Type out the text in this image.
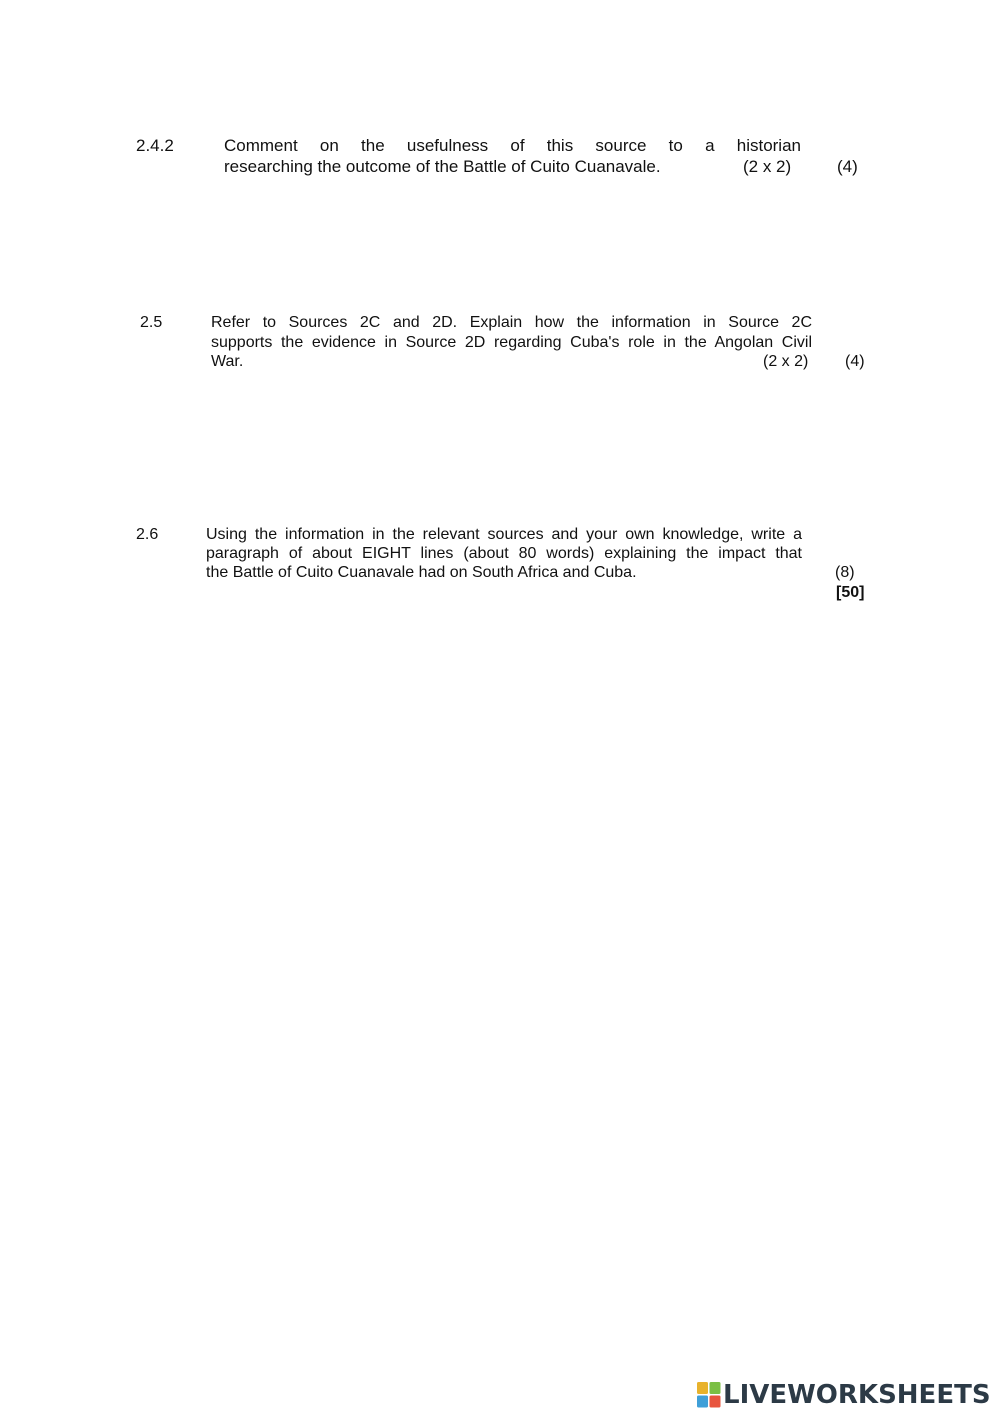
2.4.2	Comment on the usefulness of this source to a historian
researching the outcome of the Battle of Cuito Cuanavale.	(2 x 2)	(4)
2.5	Refer to Sources 2C and 2D. Explain how the information in Source 2C
supports the evidence in Source 2D regarding Cuba's role in the Angolan Civil
War.	(2 x 2) (4)
2.6	Using the information in the relevant sources and your own knowledge, write a
paragraph of about EIGHT lines (about 80 words) explaining the impact that
the Battle of Cuito Cuanavale had on South Africa and Cuba.	(8)
[50]
LIVEWORKSHEETS
